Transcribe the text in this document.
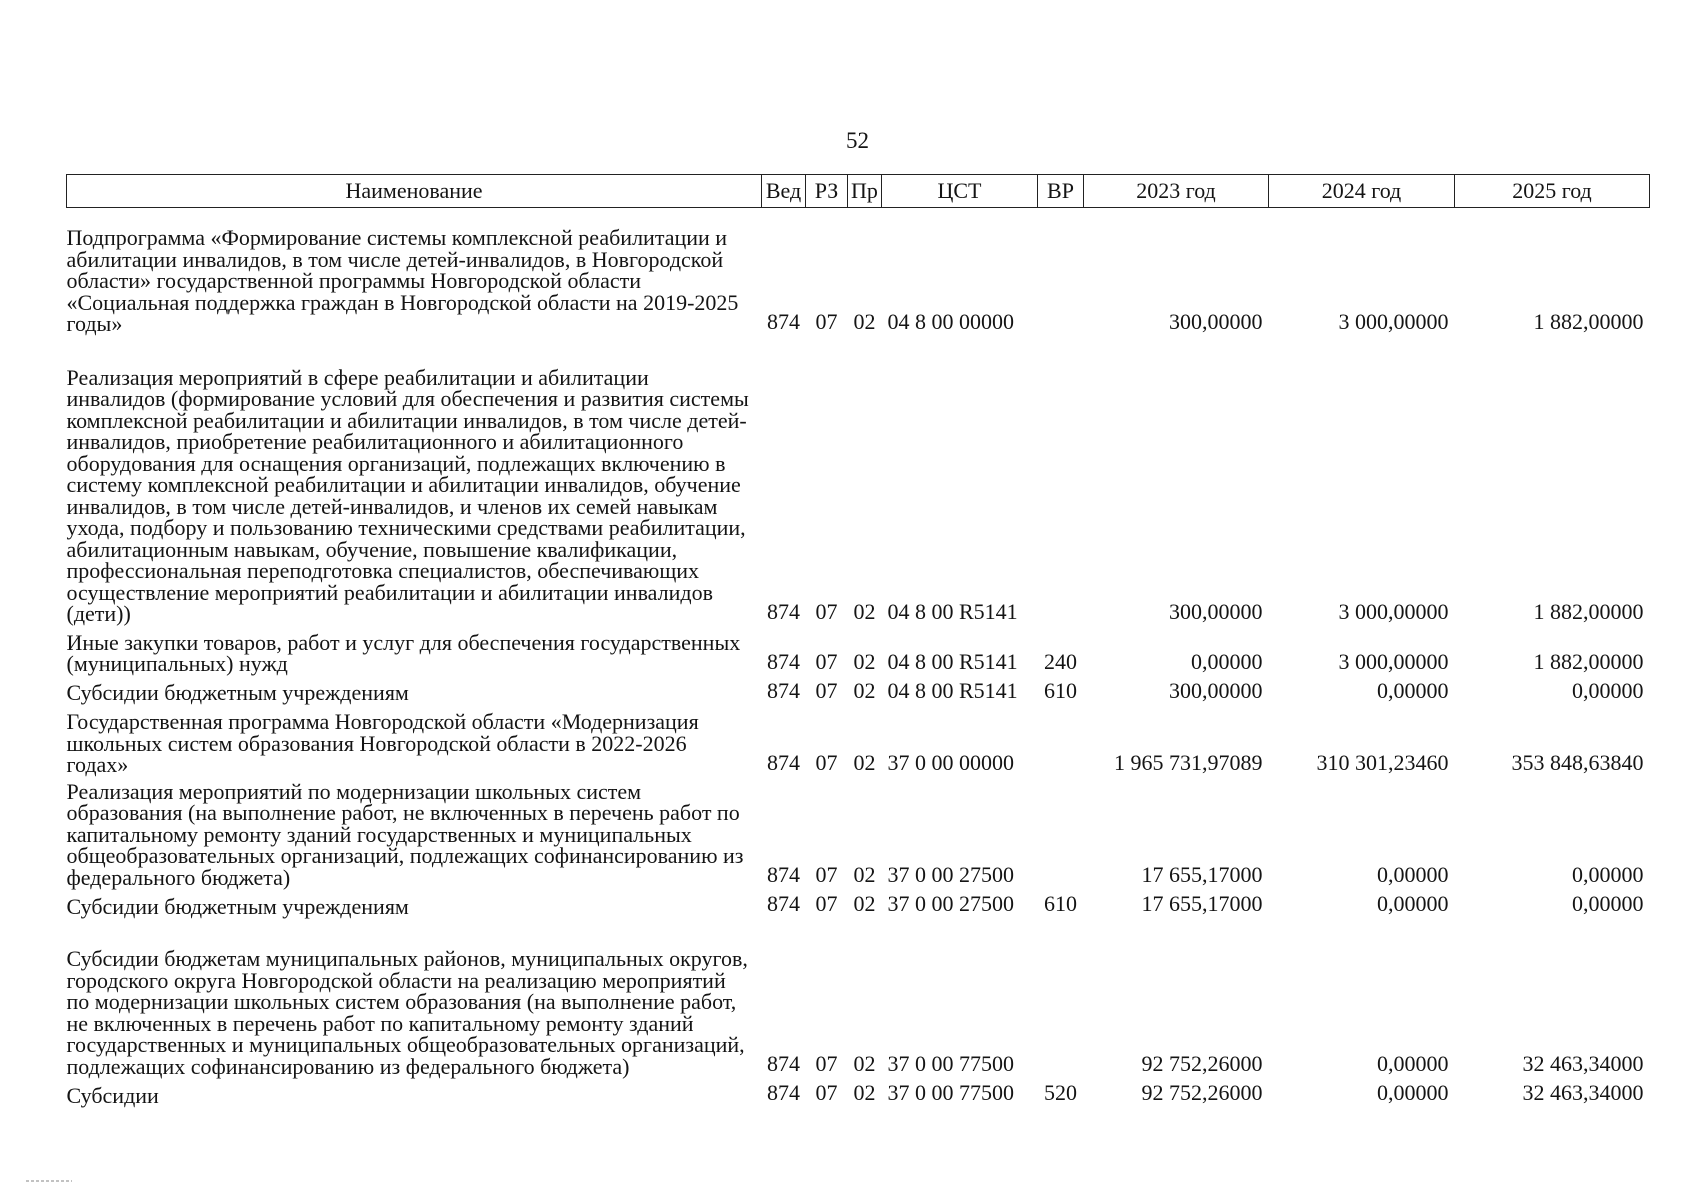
52
Наименование	Вед	РЗ	Пр	ЦСТ	ВР	2023 год	2024 год	2025 год
Подпрограмма «Формирование системы комплексной реабилитации и абилитации инвалидов, в том числе детей-инвалидов, в Новгородской области» государственной программы Новгородской области «Социальная поддержка граждан в Новгородской области на 2019-2025 годы»	874	07	02	04 8 00 00000		300,00000	3 000,00000	1 882,00000
Реализация мероприятий в сфере реабилитации и абилитации инвалидов (формирование условий для обеспечения и развития системы комплексной реабилитации и абилитации инвалидов, в том числе детей-инвалидов, приобретение реабилитационного и абилитационного оборудования для оснащения организаций, подлежащих включению в систему комплексной реабилитации и абилитации инвалидов, обучение инвалидов, в том числе детей-инвалидов, и членов их семей навыкам ухода, подбору и пользованию техническими средствами реабилитации, абилитационным навыкам, обучение, повышение квалификации, профессиональная переподготовка специалистов, обеспечивающих осуществление мероприятий реабилитации и абилитации инвалидов (дети))	874	07	02	04 8 00 R5141		300,00000	3 000,00000	1 882,00000
Иные закупки товаров, работ и услуг для обеспечения государственных (муниципальных) нужд	874	07	02	04 8 00 R5141	240	0,00000	3 000,00000	1 882,00000
Субсидии бюджетным учреждениям	874	07	02	04 8 00 R5141	610	300,00000	0,00000	0,00000
Государственная программа Новгородской области «Модернизация школьных систем образования Новгородской области в 2022-2026 годах»	874	07	02	37 0 00 00000		1 965 731,97089	310 301,23460	353 848,63840
Реализация мероприятий по модернизации школьных систем образования (на выполнение работ, не включенных в перечень работ по капитальному ремонту зданий государственных и муниципальных общеобразовательных организаций, подлежащих софинансированию из федерального бюджета)	874	07	02	37 0 00 27500		17 655,17000	0,00000	0,00000
Субсидии бюджетным учреждениям	874	07	02	37 0 00 27500	610	17 655,17000	0,00000	0,00000
Субсидии бюджетам муниципальных районов, муниципальных округов, городского округа Новгородской области на реализацию мероприятий по модернизации школьных систем образования (на выполнение работ, не включенных в перечень работ по капитальному ремонту зданий государственных и муниципальных общеобразовательных организаций, подлежащих софинансированию из федерального бюджета)	874	07	02	37 0 00 77500		92 752,26000	0,00000	32 463,34000
Субсидии	874	07	02	37 0 00 77500	520	92 752,26000	0,00000	32 463,34000
